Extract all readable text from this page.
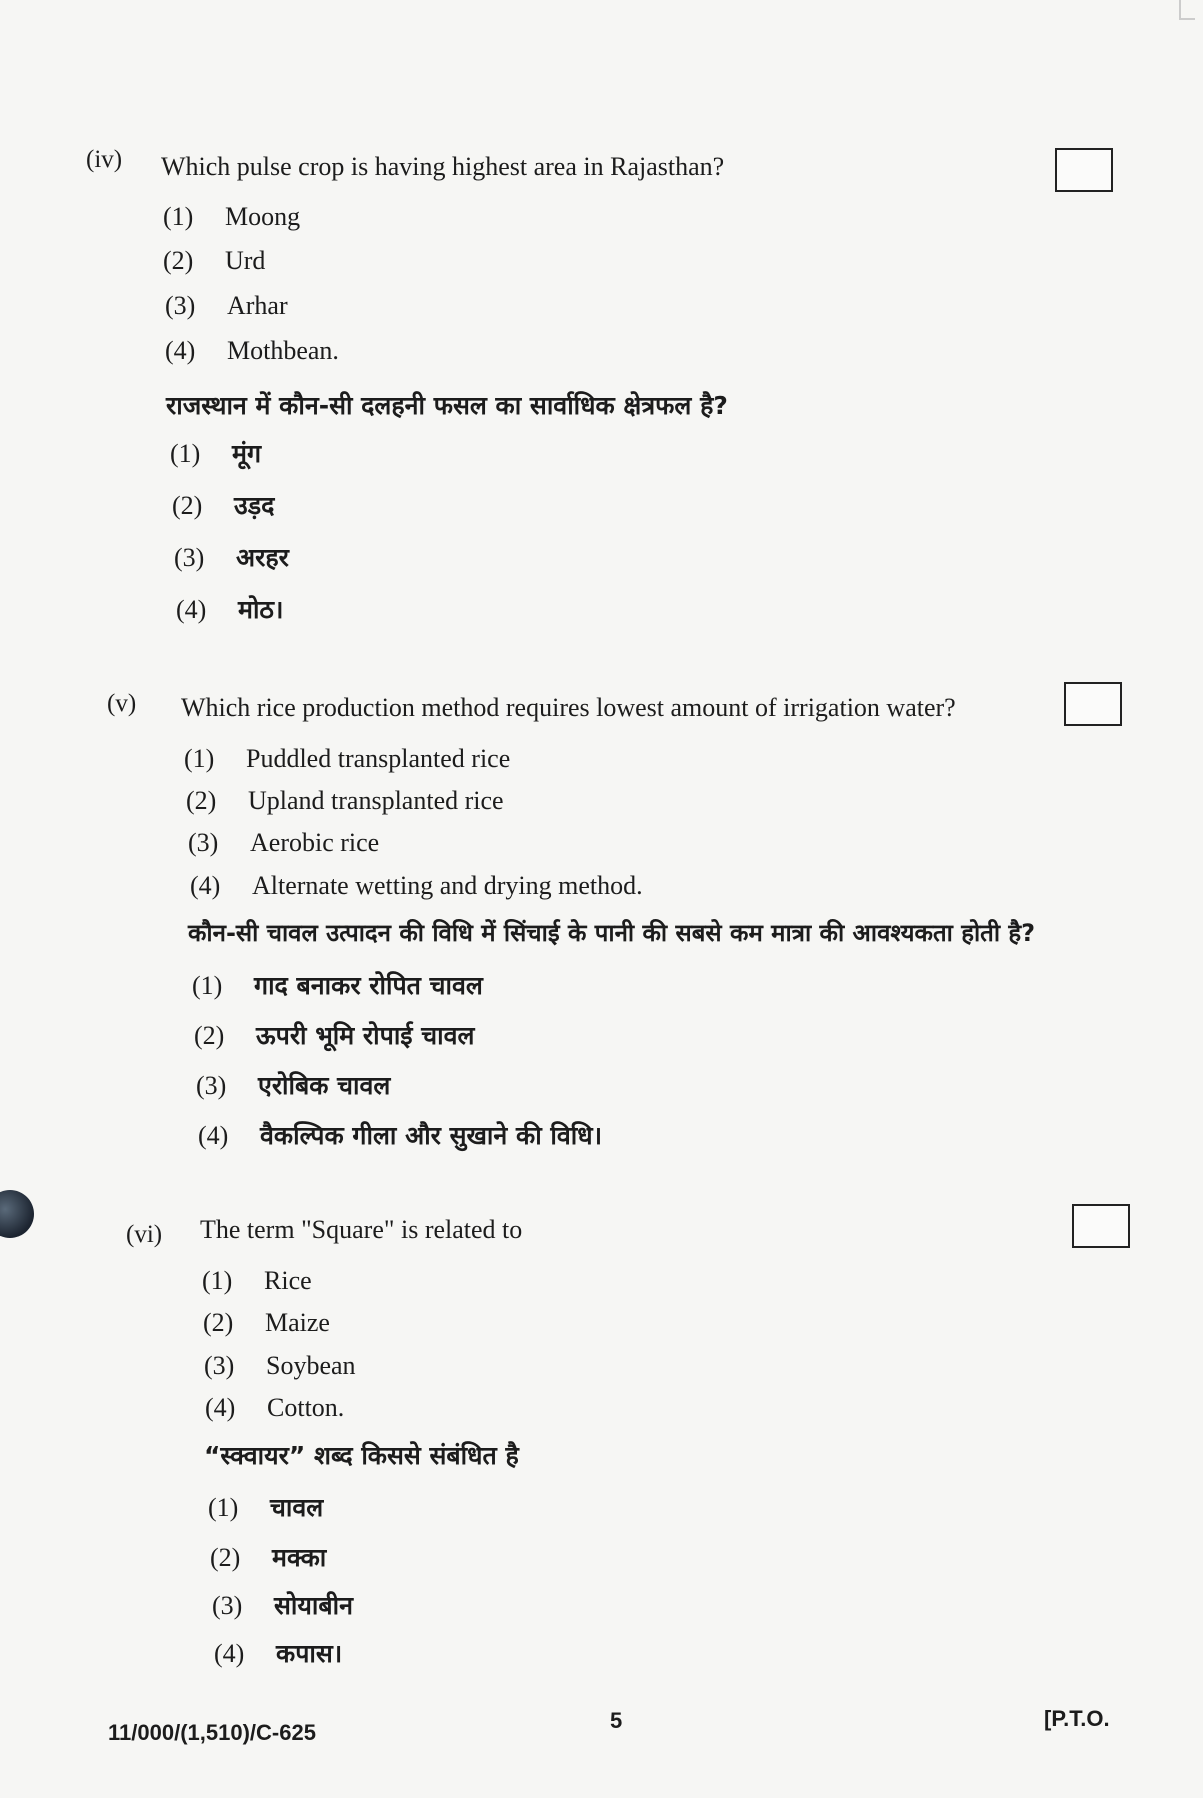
(iv) Which pulse crop is having highest area in Rajasthan?
(1) Moong
(2) Urd
(3) Arhar
(4) Mothbean.
राजस्थान में कौन-सी दलहनी फसल का सार्वाधिक क्षेत्रफल है?
(1) मूंग
(2) उड़द
(3) अरहर
(4) मोठ।
(v) Which rice production method requires lowest amount of irrigation water?
(1) Puddled transplanted rice
(2) Upland transplanted rice
(3) Aerobic rice
(4) Alternate wetting and drying method.
कौन-सी चावल उत्पादन की विधि में सिंचाई के पानी की सबसे कम मात्रा की आवश्यकता होती है?
(1) गाद बनाकर रोपित चावल
(2) ऊपरी भूमि रोपाई चावल
(3) एरोबिक चावल
(4) वैकल्पिक गीला और सुखाने की विधि।
(vi) The term "Square" is related to
(1) Rice
(2) Maize
(3) Soybean
(4) Cotton.
“स्क्वायर” शब्द किससे संबंधित है
(1) चावल
(2) मक्का
(3) सोयाबीन
(4) कपास।
5	[P.T.O.
11/000/(1,510)/C-625
